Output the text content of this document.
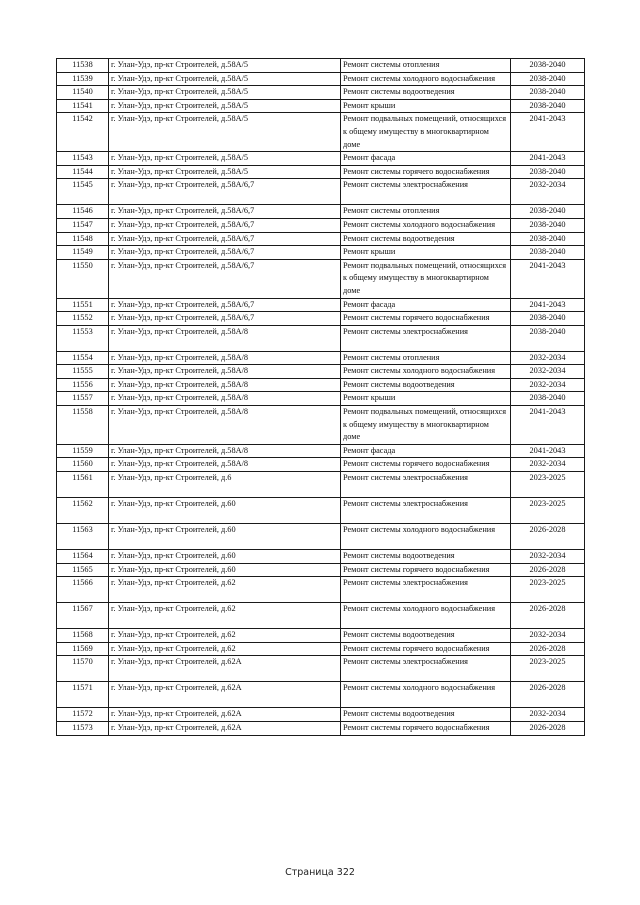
11538	г. Улан-Удэ, пр-кт Строителей, д.58А/5	Ремонт системы отопления	2038-2040
11539	г. Улан-Удэ, пр-кт Строителей, д.58А/5	Ремонт системы холодного водоснабжения	2038-2040
11540	г. Улан-Удэ, пр-кт Строителей, д.58А/5	Ремонт системы водоотведения	2038-2040
11541	г. Улан-Удэ, пр-кт Строителей, д.58А/5	Ремонт крыши	2038-2040
11542	г. Улан-Удэ, пр-кт Строителей, д.58А/5	Ремонт подвальных помещений, относящихся к общему имуществу в многоквартирном доме	2041-2043
11543	г. Улан-Удэ, пр-кт Строителей, д.58А/5	Ремонт фасада	2041-2043
11544	г. Улан-Удэ, пр-кт Строителей, д.58А/5	Ремонт системы горячего водоснабжения	2038-2040
11545	г. Улан-Удэ, пр-кт Строителей, д.58А/6,7	Ремонт системы электроснабжения	2032-2034
11546	г. Улан-Удэ, пр-кт Строителей, д.58А/6,7	Ремонт системы отопления	2038-2040
11547	г. Улан-Удэ, пр-кт Строителей, д.58А/6,7	Ремонт системы холодного водоснабжения	2038-2040
11548	г. Улан-Удэ, пр-кт Строителей, д.58А/6,7	Ремонт системы водоотведения	2038-2040
11549	г. Улан-Удэ, пр-кт Строителей, д.58А/6,7	Ремонт крыши	2038-2040
11550	г. Улан-Удэ, пр-кт Строителей, д.58А/6,7	Ремонт подвальных помещений, относящихся к общему имуществу в многоквартирном доме	2041-2043
11551	г. Улан-Удэ, пр-кт Строителей, д.58А/6,7	Ремонт фасада	2041-2043
11552	г. Улан-Удэ, пр-кт Строителей, д.58А/6,7	Ремонт системы горячего водоснабжения	2038-2040
11553	г. Улан-Удэ, пр-кт Строителей, д.58А/8	Ремонт системы электроснабжения	2038-2040
11554	г. Улан-Удэ, пр-кт Строителей, д.58А/8	Ремонт системы отопления	2032-2034
11555	г. Улан-Удэ, пр-кт Строителей, д.58А/8	Ремонт системы холодного водоснабжения	2032-2034
11556	г. Улан-Удэ, пр-кт Строителей, д.58А/8	Ремонт системы водоотведения	2032-2034
11557	г. Улан-Удэ, пр-кт Строителей, д.58А/8	Ремонт крыши	2038-2040
11558	г. Улан-Удэ, пр-кт Строителей, д.58А/8	Ремонт подвальных помещений, относящихся к общему имуществу в многоквартирном доме	2041-2043
11559	г. Улан-Удэ, пр-кт Строителей, д.58А/8	Ремонт фасада	2041-2043
11560	г. Улан-Удэ, пр-кт Строителей, д.58А/8	Ремонт системы горячего водоснабжения	2032-2034
11561	г. Улан-Удэ, пр-кт Строителей, д.6	Ремонт системы электроснабжения	2023-2025
11562	г. Улан-Удэ, пр-кт Строителей, д.60	Ремонт системы электроснабжения	2023-2025
11563	г. Улан-Удэ, пр-кт Строителей, д.60	Ремонт системы холодного водоснабжения	2026-2028
11564	г. Улан-Удэ, пр-кт Строителей, д.60	Ремонт системы водоотведения	2032-2034
11565	г. Улан-Удэ, пр-кт Строителей, д.60	Ремонт системы горячего водоснабжения	2026-2028
11566	г. Улан-Удэ, пр-кт Строителей, д.62	Ремонт системы электроснабжения	2023-2025
11567	г. Улан-Удэ, пр-кт Строителей, д.62	Ремонт системы холодного водоснабжения	2026-2028
11568	г. Улан-Удэ, пр-кт Строителей, д.62	Ремонт системы водоотведения	2032-2034
11569	г. Улан-Удэ, пр-кт Строителей, д.62	Ремонт системы горячего водоснабжения	2026-2028
11570	г. Улан-Удэ, пр-кт Строителей, д.62А	Ремонт системы электроснабжения	2023-2025
11571	г. Улан-Удэ, пр-кт Строителей, д.62А	Ремонт системы холодного водоснабжения	2026-2028
11572	г. Улан-Удэ, пр-кт Строителей, д.62А	Ремонт системы водоотведения	2032-2034
11573	г. Улан-Удэ, пр-кт Строителей, д.62А	Ремонт системы горячего водоснабжения	2026-2028
Страница 322
